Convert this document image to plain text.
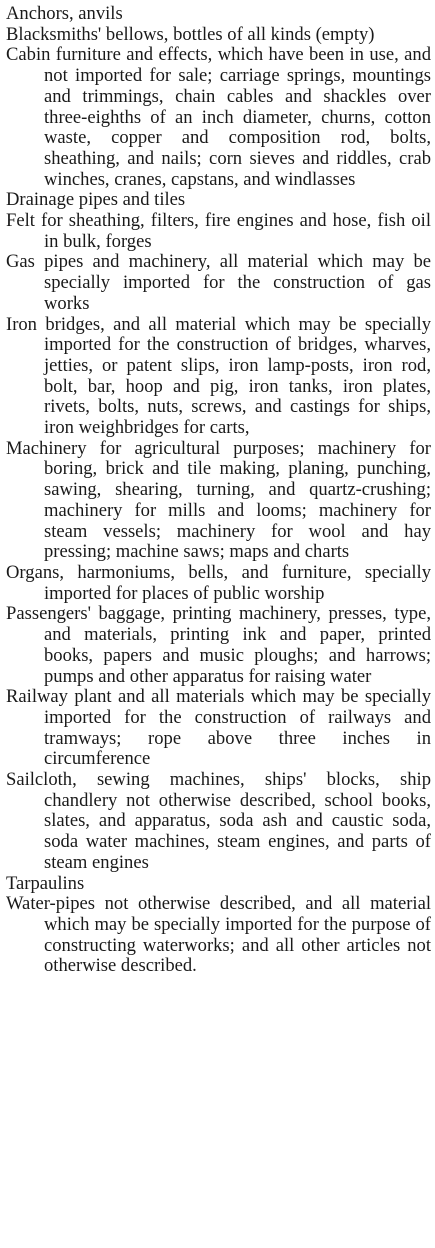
Anchors, anvils

Blacksmiths' bellows, bottles of all kinds (empty)

Cabin furniture and effects, which have been in use, and not imported for sale; carriage springs, mountings and trimmings, chain cables and shackles over three-eighths of an inch diameter, churns, cotton waste, copper and composition rod, bolts, sheathing, and nails; corn sieves and riddles, crab winches, cranes, capstans, and windlasses

Drainage pipes and tiles

Felt for sheathing, filters, fire engines and hose, fish oil in bulk, forges

Gas pipes and machinery, all material which may be specially imported for the construction of gas works

Iron bridges, and all material which may be specially imported for the construction of bridges, wharves, jetties, or patent slips, iron lamp-posts, iron rod, bolt, bar, hoop and pig, iron tanks, iron plates, rivets, bolts, nuts, screws, and castings for ships, iron weighbridges for carts,

Machinery for agricultural purposes; machinery for boring, brick and tile making, planing, punching, sawing, shearing, turning, and quartz-crushing; machinery for mills and looms; machinery for steam vessels; machinery for wool and hay pressing; machine saws; maps and charts

Organs, harmoniums, bells, and furniture, specially imported for places of public worship

Passengers' baggage, printing machinery, presses, type, and materials, printing ink and paper, printed books, papers and music ploughs; and harrows; pumps and other apparatus for raising water

Railway plant and all materials which may be specially imported for the construction of railways and tramways; rope above three inches in circumference

Sailcloth, sewing machines, ships' blocks, ship chandlery not otherwise described, school books, slates, and apparatus, soda ash and caustic soda, soda water machines, steam engines, and parts of steam engines

Tarpaulins

Water-pipes not otherwise described, and all material which may be specially imported for the purpose of constructing waterworks; and all other articles not otherwise described.
